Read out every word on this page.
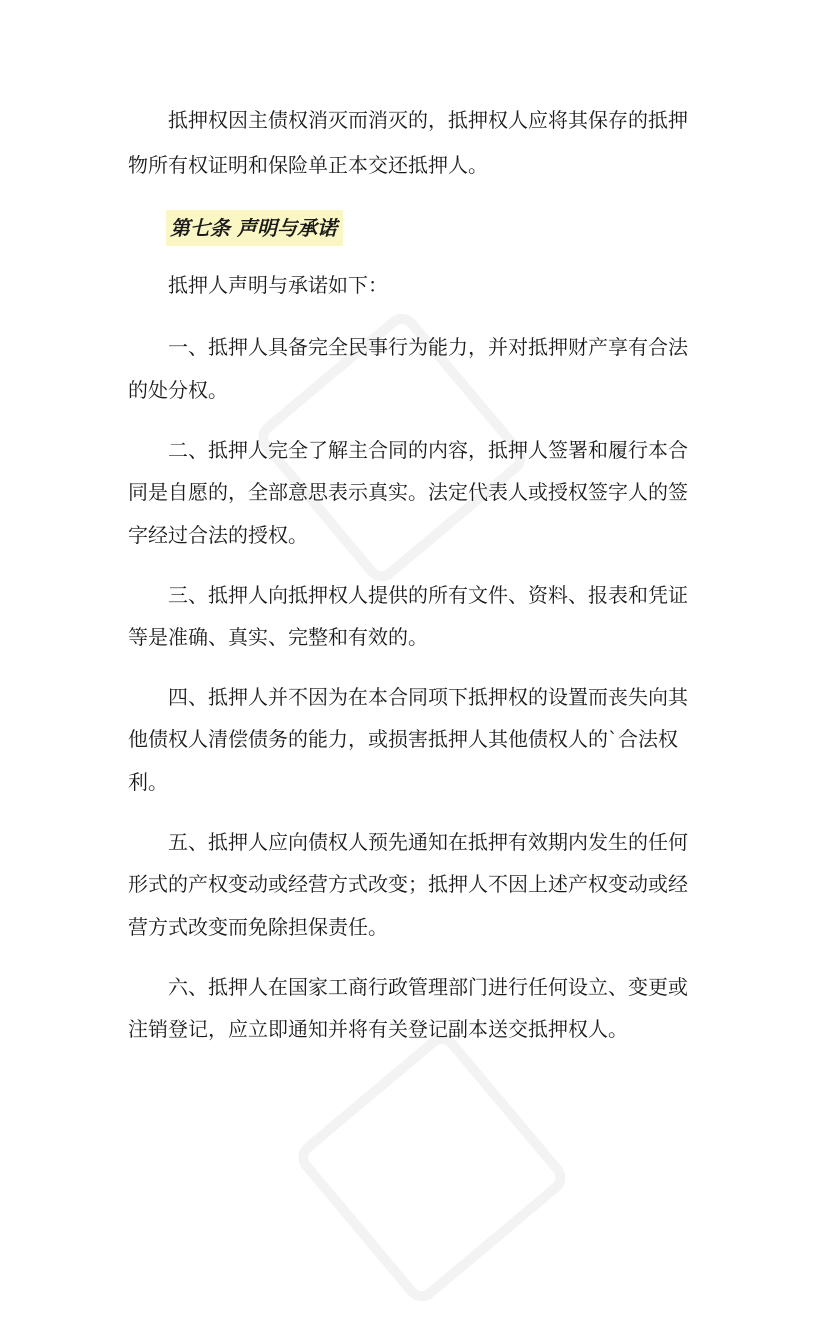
抵押权因主债权消灭而消灭的，抵押权人应将其保存的抵押
物所有权证明和保险单正本交还抵押人。
第七条 声明与承诺
抵押人声明与承诺如下：
一、抵押人具备完全民事行为能力，并对抵押财产享有合法
的处分权。
二、抵押人完全了解主合同的内容，抵押人签署和履行本合
同是自愿的，全部意思表示真实。法定代表人或授权签字人的签
字经过合法的授权。
三、抵押人向抵押权人提供的所有文件、资料、报表和凭证
等是准确、真实、完整和有效的。
四、抵押人并不因为在本合同项下抵押权的设置而丧失向其
他债权人清偿债务的能力，或损害抵押人其他债权人的`合法权
利。
五、抵押人应向债权人预先通知在抵押有效期内发生的任何
形式的产权变动或经营方式改变；抵押人不因上述产权变动或经
营方式改变而免除担保责任。
六、抵押人在国家工商行政管理部门进行任何设立、变更或
注销登记，应立即通知并将有关登记副本送交抵押权人。
